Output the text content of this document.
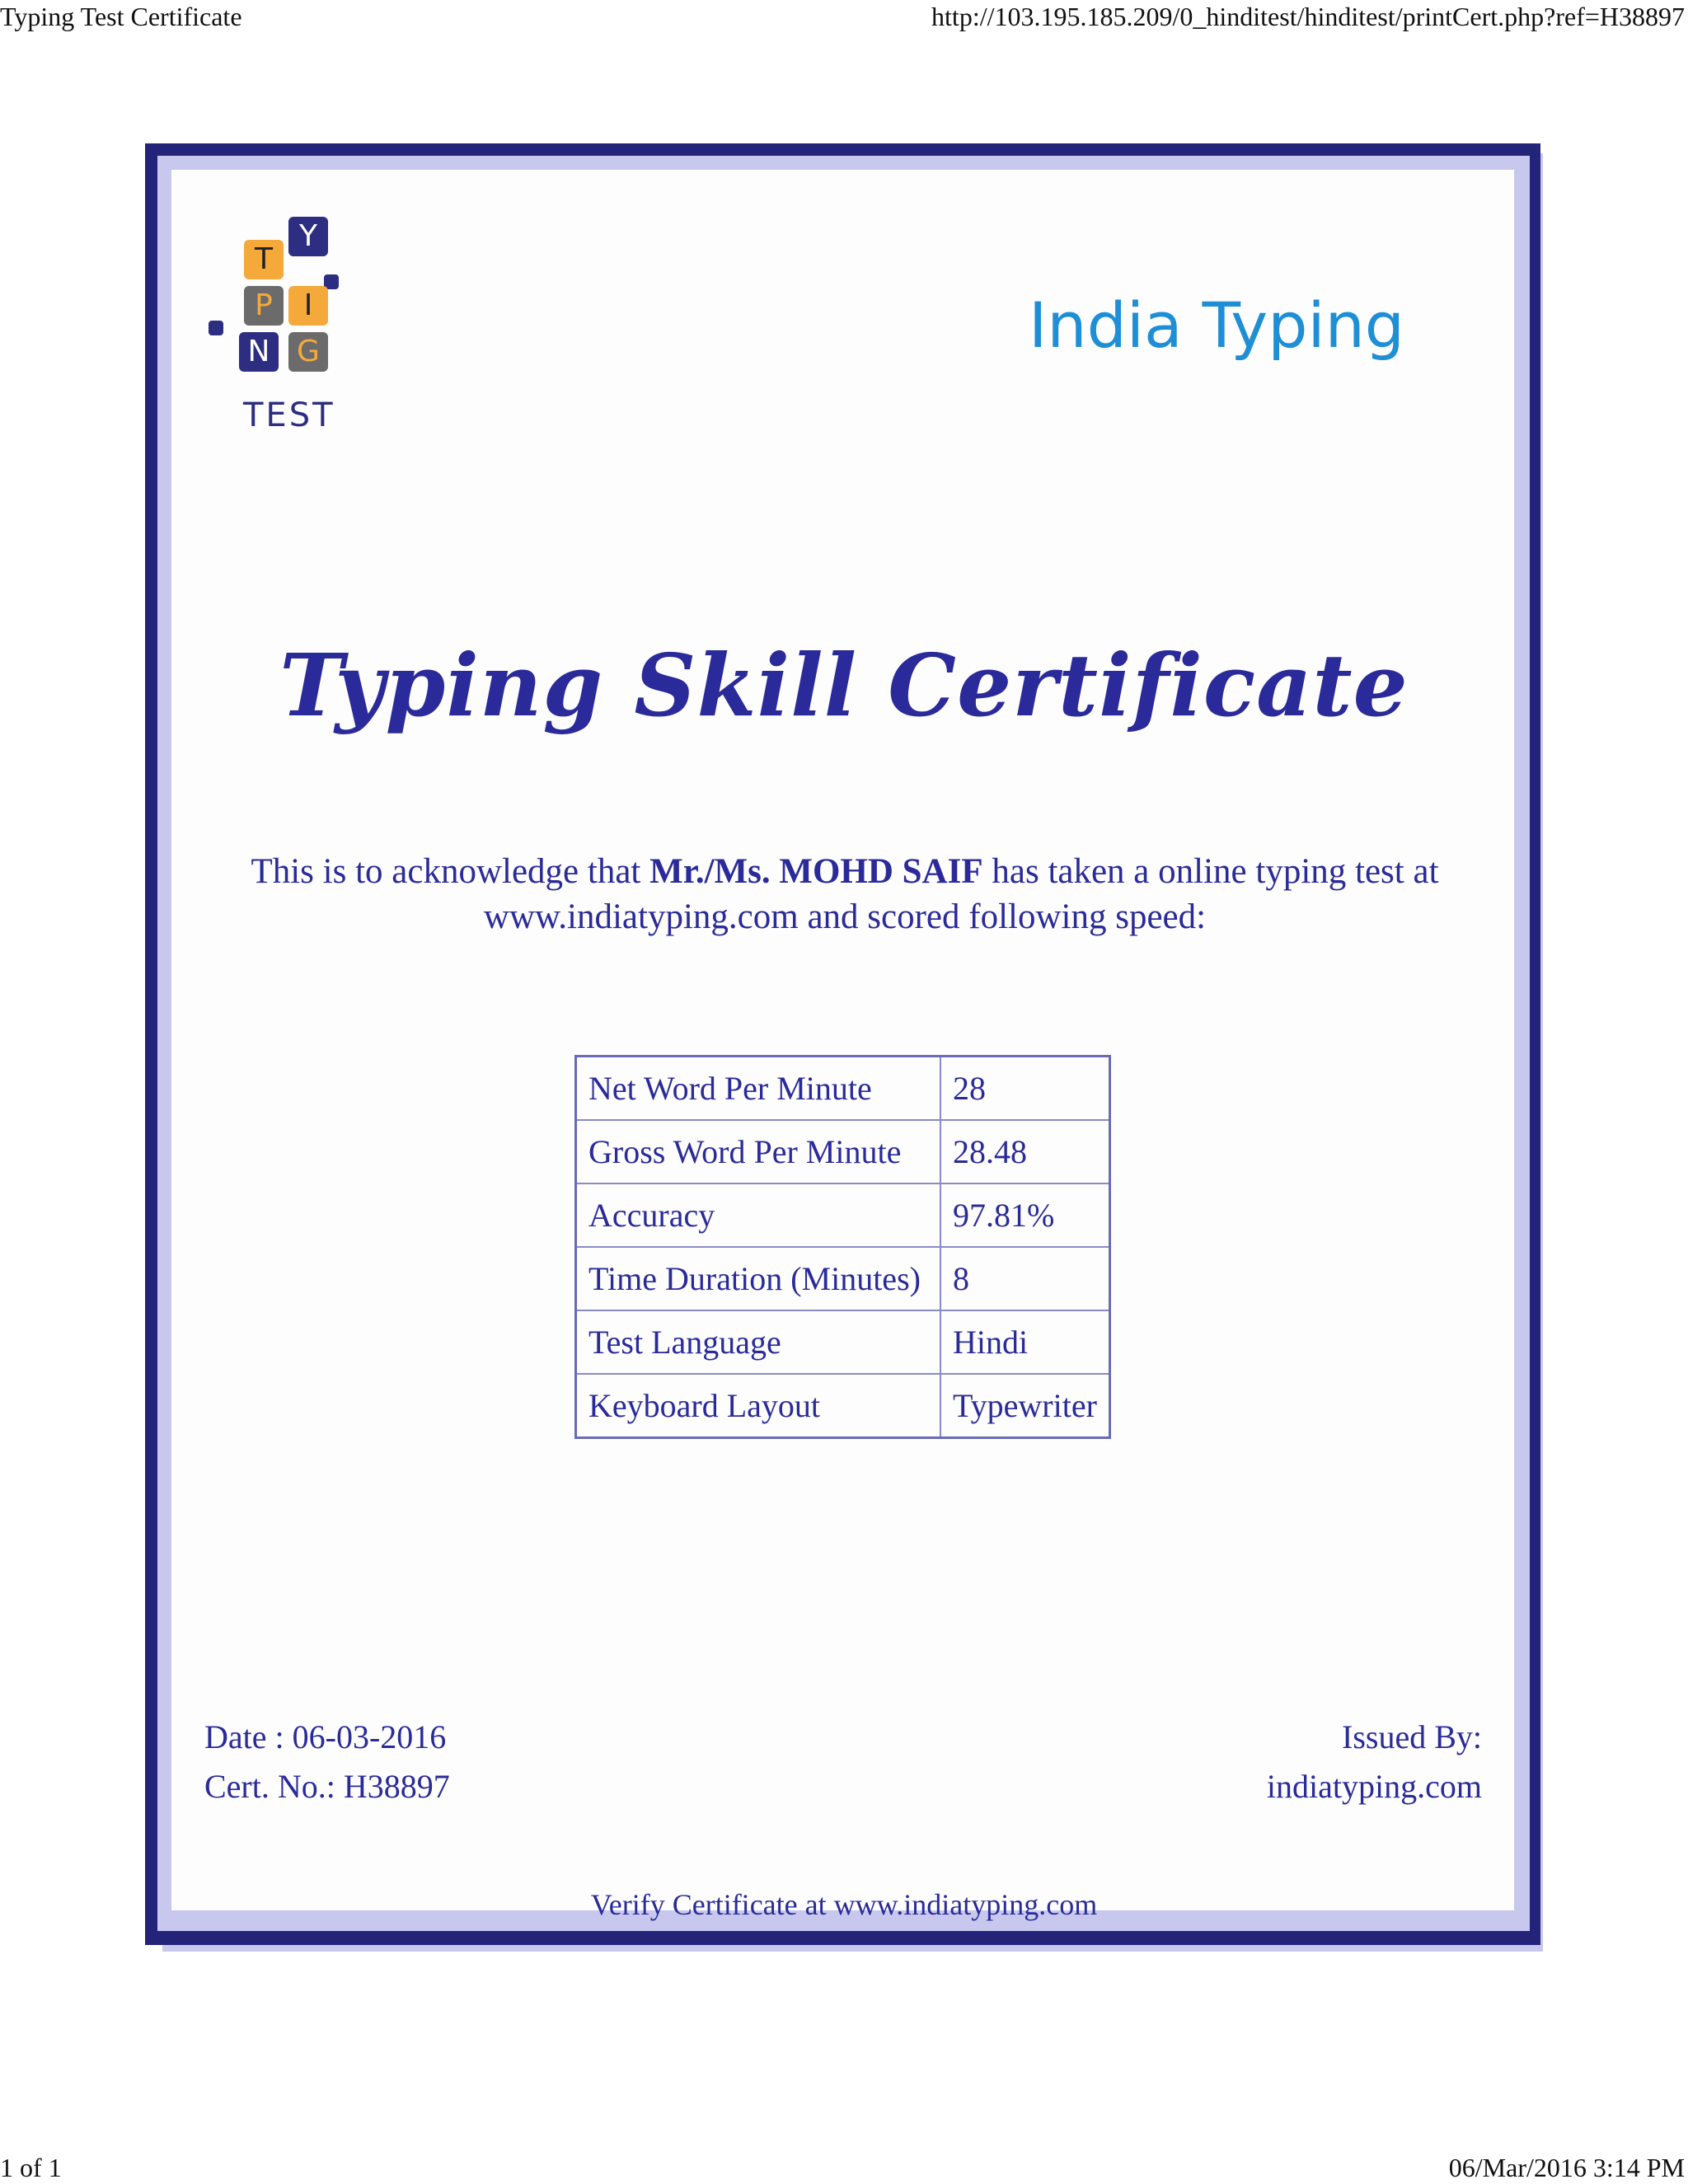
Typing Test Certificate	http://103.195.185.209/0_hinditest/hinditest/printCert.php?ref=H38897
T
Y
P	I
N G
TEST
India Typing
Typing Skill Certificate
This is to acknowledge that Mr./Ms. MOHD SAIF has taken a online typing test at
www.indiatyping.com and scored following speed:
Net Word Per Minute	28
Gross Word Per Minute	28.48
Accuracy	97.81%
Time Duration (Minutes)	8
Test Language	Hindi
Keyboard Layout	Typewriter
Date : 06-03-2016
Cert. No.: H38897
Issued By:
indiatyping.com
Verify Certificate at www.indiatyping.com
1 of 1	06/Mar/2016 3:14 PM
